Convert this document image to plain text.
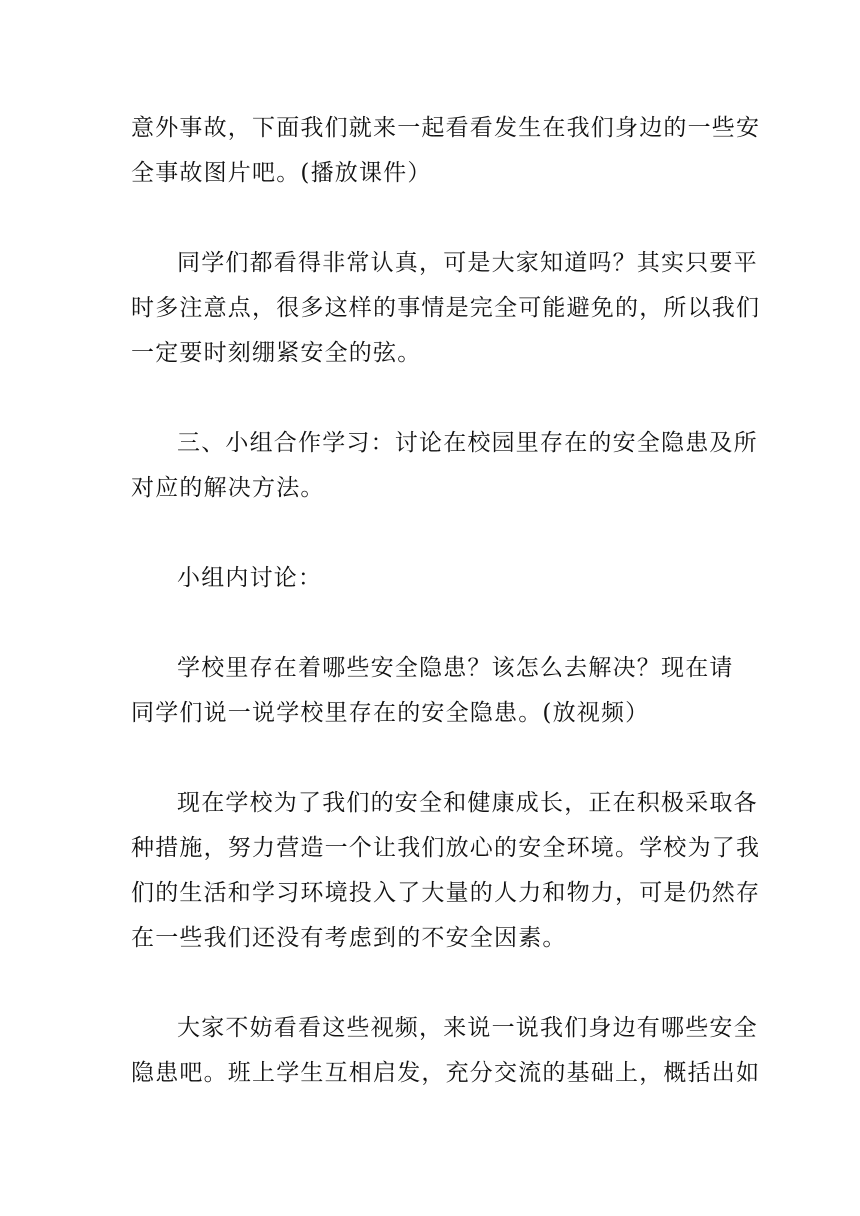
意外事故，下面我们就来一起看看发生在我们身边的一些安
全事故图片吧。(播放课件）
同学们都看得非常认真，可是大家知道吗？其实只要平
时多注意点，很多这样的事情是完全可能避免的，所以我们
一定要时刻绷紧安全的弦。
三、小组合作学习：讨论在校园里存在的安全隐患及所
对应的解决方法。
小组内讨论：
学校里存在着哪些安全隐患？该怎么去解决？现在请
同学们说一说学校里存在的安全隐患。(放视频）
现在学校为了我们的安全和健康成长，正在积极采取各
种措施，努力营造一个让我们放心的安全环境。学校为了我
们的生活和学习环境投入了大量的人力和物力，可是仍然存
在一些我们还没有考虑到的不安全因素。
大家不妨看看这些视频，来说一说我们身边有哪些安全
隐患吧。班上学生互相启发，充分交流的基础上，概括出如
